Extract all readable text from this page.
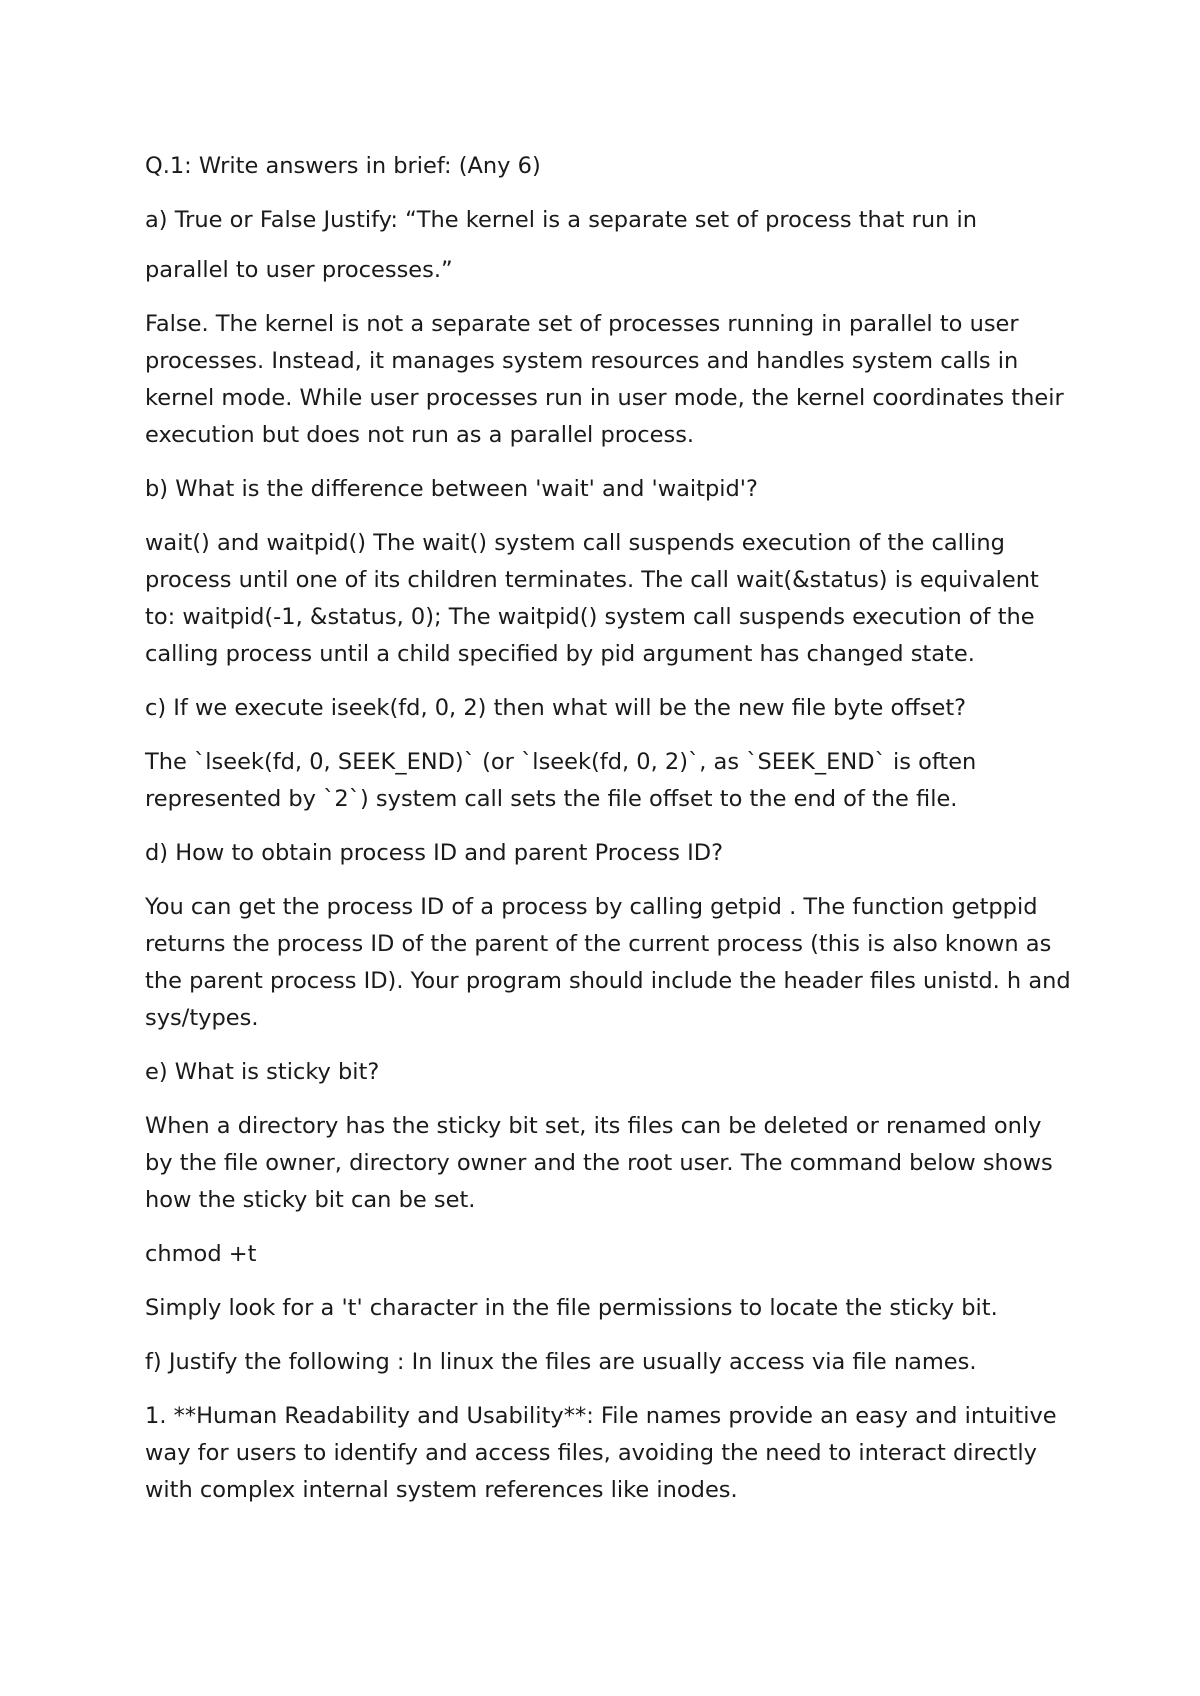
Q.1: Write answers in brief: (Any 6)

a) True or False Justify: “The kernel is a separate set of process that run in

parallel to user processes.”

False. The kernel is not a separate set of processes running in parallel to user processes. Instead, it manages system resources and handles system calls in kernel mode. While user processes run in user mode, the kernel coordinates their execution but does not run as a parallel process.

b) What is the difference between 'wait' and 'waitpid'?

wait() and waitpid() The wait() system call suspends execution of the calling process until one of its children terminates. The call wait(&status) is equivalent to: waitpid(-1, &status, 0); The waitpid() system call suspends execution of the calling process until a child specified by pid argument has changed state.

c) If we execute iseek(fd, 0, 2) then what will be the new file byte offset?

The `lseek(fd, 0, SEEK_END)` (or `lseek(fd, 0, 2)`, as `SEEK_END` is often represented by `2`) system call sets the file offset to the end of the file.

d) How to obtain process ID and parent Process ID?

You can get the process ID of a process by calling getpid . The function getppid returns the process ID of the parent of the current process (this is also known as the parent process ID). Your program should include the header files unistd. h and sys/types.

e) What is sticky bit?

When a directory has the sticky bit set, its files can be deleted or renamed only by the file owner, directory owner and the root user. The command below shows how the sticky bit can be set.

chmod +t

Simply look for a 't' character in the file permissions to locate the sticky bit.

f) Justify the following : In linux the files are usually access via file names.

1. **Human Readability and Usability**: File names provide an easy and intuitive way for users to identify and access files, avoiding the need to interact directly with complex internal system references like inodes.
